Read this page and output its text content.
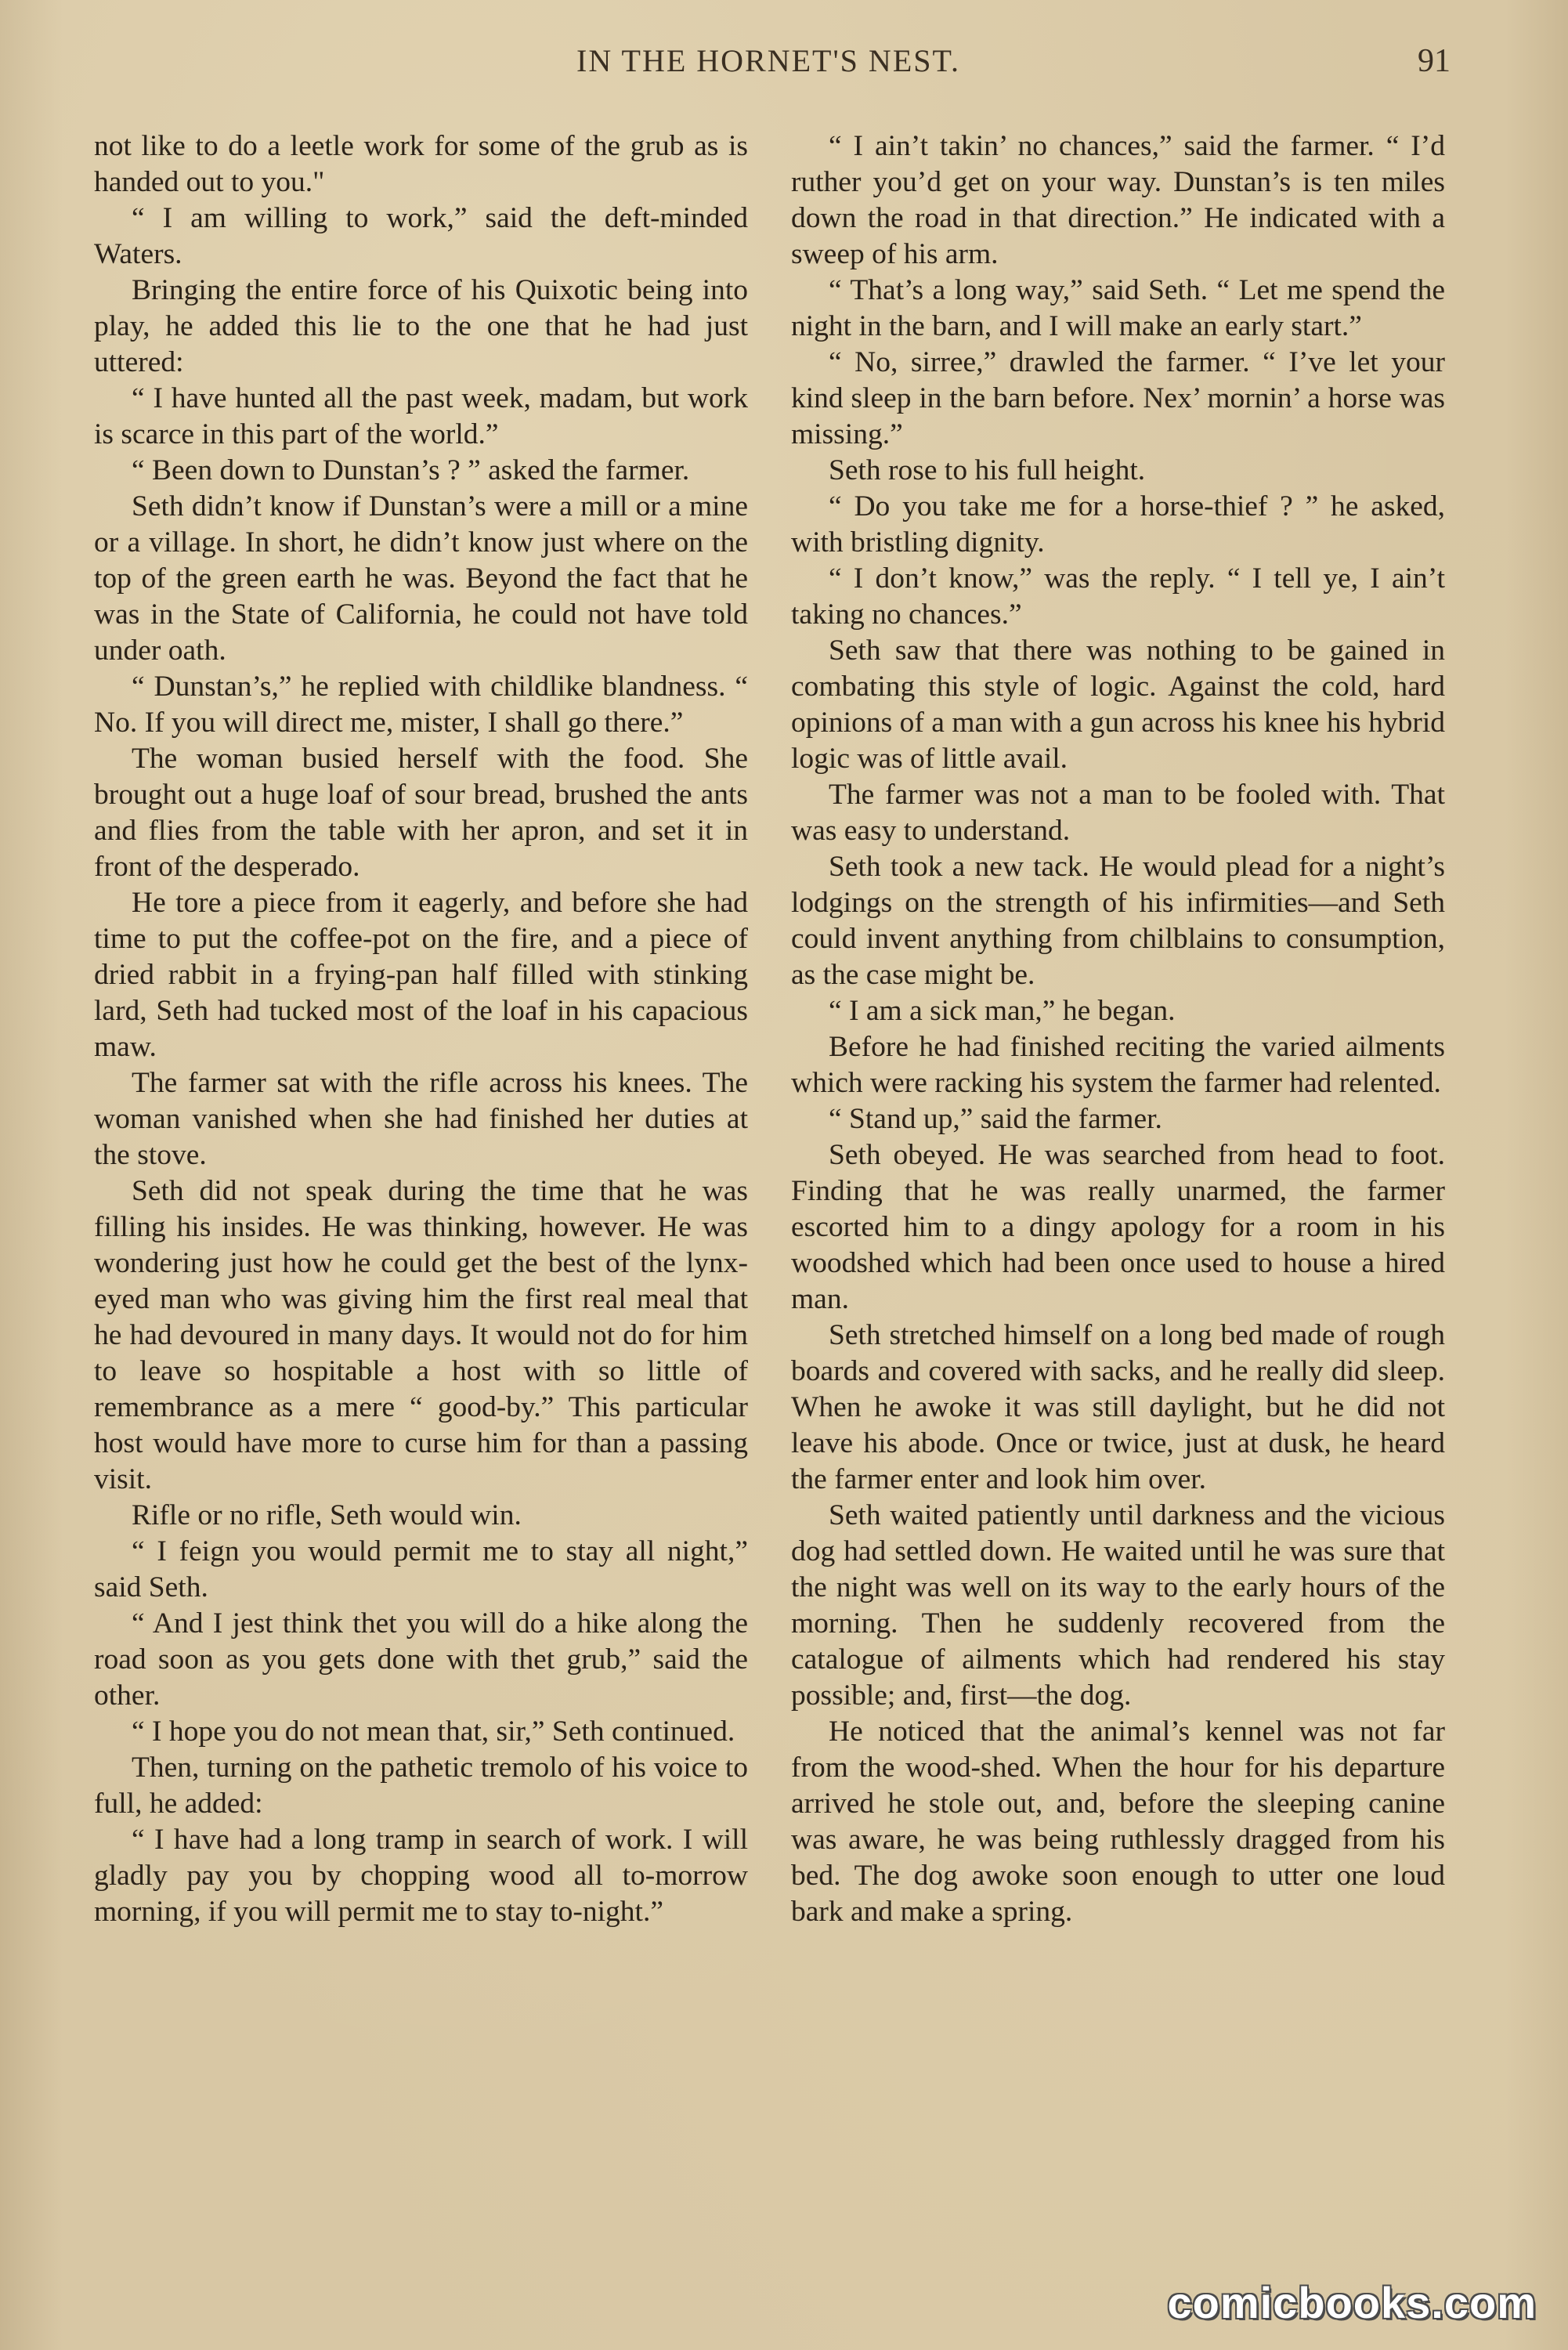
IN THE HORNET'S NEST.	91

not like to do a leetle work for some of the grub as is handed out to you."

“ I am willing to work,” said the deft-minded Waters.

Bringing the entire force of his Quixotic being into play, he added this lie to the one that he had just uttered:

“ I have hunted all the past week, madam, but work is scarce in this part of the world.”

“ Been down to Dunstan’s ? ” asked the farmer.

Seth didn’t know if Dunstan’s were a mill or a mine or a village. In short, he didn’t know just where on the top of the green earth he was. Beyond the fact that he was in the State of California, he could not have told under oath.

“ Dunstan’s,” he replied with childlike blandness. “ No. If you will direct me, mister, I shall go there.”

The woman busied herself with the food. She brought out a huge loaf of sour bread, brushed the ants and flies from the table with her apron, and set it in front of the desperado.

He tore a piece from it eagerly, and before she had time to put the coffee-pot on the fire, and a piece of dried rabbit in a frying-pan half filled with stinking lard, Seth had tucked most of the loaf in his capacious maw.

The farmer sat with the rifle across his knees. The woman vanished when she had finished her duties at the stove.

Seth did not speak during the time that he was filling his insides. He was thinking, however. He was wondering just how he could get the best of the lynx-eyed man who was giving him the first real meal that he had devoured in many days. It would not do for him to leave so hospitable a host with so little of remembrance as a mere “ good-by.” This particular host would have more to curse him for than a passing visit.

Rifle or no rifle, Seth would win.

“ I feign you would permit me to stay all night,” said Seth.

“ And I jest think thet you will do a hike along the road soon as you gets done with thet grub,” said the other.

“ I hope you do not mean that, sir,” Seth continued.

Then, turning on the pathetic tremolo of his voice to full, he added:

“ I have had a long tramp in search of work. I will gladly pay you by chopping wood all to-morrow morning, if you will permit me to stay to-night.”

“ I ain’t takin’ no chances,” said the farmer. “ I’d ruther you’d get on your way. Dunstan’s is ten miles down the road in that direction.” He indicated with a sweep of his arm.

“ That’s a long way,” said Seth. “ Let me spend the night in the barn, and I will make an early start.”

“ No, sirree,” drawled the farmer. “ I’ve let your kind sleep in the barn before. Nex’ mornin’ a horse was missing.”

Seth rose to his full height.

“ Do you take me for a horse-thief ? ” he asked, with bristling dignity.

“ I don’t know,” was the reply. “ I tell ye, I ain’t taking no chances.”

Seth saw that there was nothing to be gained in combating this style of logic. Against the cold, hard opinions of a man with a gun across his knee his hybrid logic was of little avail.

The farmer was not a man to be fooled with. That was easy to understand.

Seth took a new tack. He would plead for a night’s lodgings on the strength of his infirmities—and Seth could invent anything from chilblains to consumption, as the case might be.

“ I am a sick man,” he began.

Before he had finished reciting the varied ailments which were racking his system the farmer had relented.

“ Stand up,” said the farmer.

Seth obeyed. He was searched from head to foot. Finding that he was really unarmed, the farmer escorted him to a dingy apology for a room in his woodshed which had been once used to house a hired man.

Seth stretched himself on a long bed made of rough boards and covered with sacks, and he really did sleep. When he awoke it was still daylight, but he did not leave his abode. Once or twice, just at dusk, he heard the farmer enter and look him over.

Seth waited patiently until darkness and the vicious dog had settled down. He waited until he was sure that the night was well on its way to the early hours of the morning. Then he suddenly recovered from the catalogue of ailments which had rendered his stay possible; and, first—the dog.

He noticed that the animal’s kennel was not far from the wood-shed. When the hour for his departure arrived he stole out, and, before the sleeping canine was aware, he was being ruthlessly dragged from his bed. The dog awoke soon enough to utter one loud bark and make a spring.

comicbooks.com
